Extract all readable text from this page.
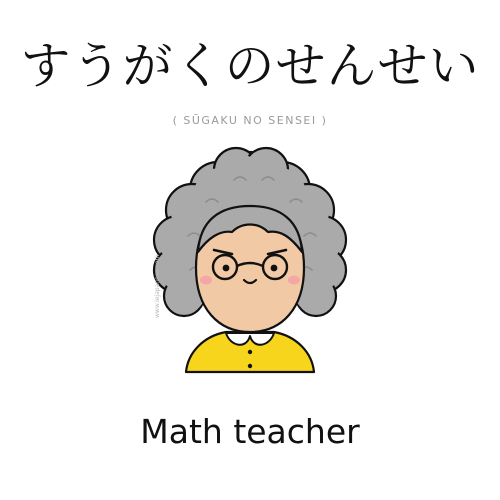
すうがくのせんせい
( SŪGAKU NO SENSEI )
www.iejapanese.com
Math teacher
